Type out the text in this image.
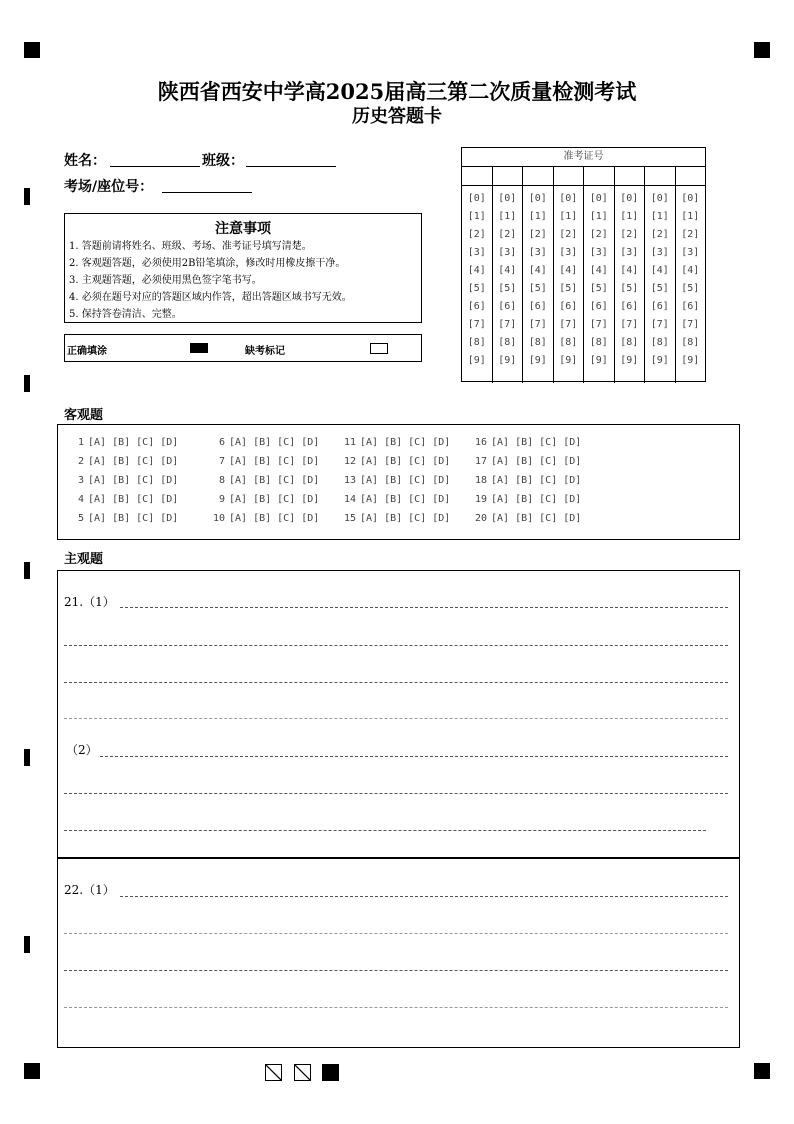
陕西省西安中学高2025届高三第二次质量检测考试
历史答题卡
姓名：	班级：
考场/座位号：
注意事项
1. 答题前请将姓名、班级、考场、准考证号填写清楚。
2. 客观题答题，必须使用2B铅笔填涂，修改时用橡皮擦干净。
3. 主观题答题，必须使用黑色签字笔书写。
4. 必须在题号对应的答题区域内作答，超出答题区域书写无效。
5. 保持答卷清洁、完整。
正确填涂	缺考标记
准考证号
[0]
[1]
[2]
[3]
[4]
[5]
[6]
[7]
[8]
[9]
[0]
[1]
[2]
[3]
[4]
[5]
[6]
[7]
[8]
[9]
[0]
[1]
[2]
[3]
[4]
[5]
[6]
[7]
[8]
[9]
[0]
[1]
[2]
[3]
[4]
[5]
[6]
[7]
[8]
[9]
[0]
[1]
[2]
[3]
[4]
[5]
[6]
[7]
[8]
[9]
[0]
[1]
[2]
[3]
[4]
[5]
[6]
[7]
[8]
[9]
[0]
[1]
[2]
[3]
[4]
[5]
[6]
[7]
[8]
[9]
[0]
[1]
[2]
[3]
[4]
[5]
[6]
[7]
[8]
[9]
客观题
1 [A] [B] [C] [D]
2 [A] [B] [C] [D]
3 [A] [B] [C] [D]
4 [A] [B] [C] [D]
5 [A] [B] [C] [D]
6 [A] [B] [C] [D]
7 [A] [B] [C] [D]
8 [A] [B] [C] [D]
9 [A] [B] [C] [D]
10 [A] [B] [C] [D]
11 [A] [B] [C] [D]
12 [A] [B] [C] [D]
13 [A] [B] [C] [D]
14 [A] [B] [C] [D]
15 [A] [B] [C] [D]
16 [A] [B] [C] [D]
17 [A] [B] [C] [D]
18 [A] [B] [C] [D]
19 [A] [B] [C] [D]
20 [A] [B] [C] [D]
主观题
21.（1）
（2）
22.（1）
